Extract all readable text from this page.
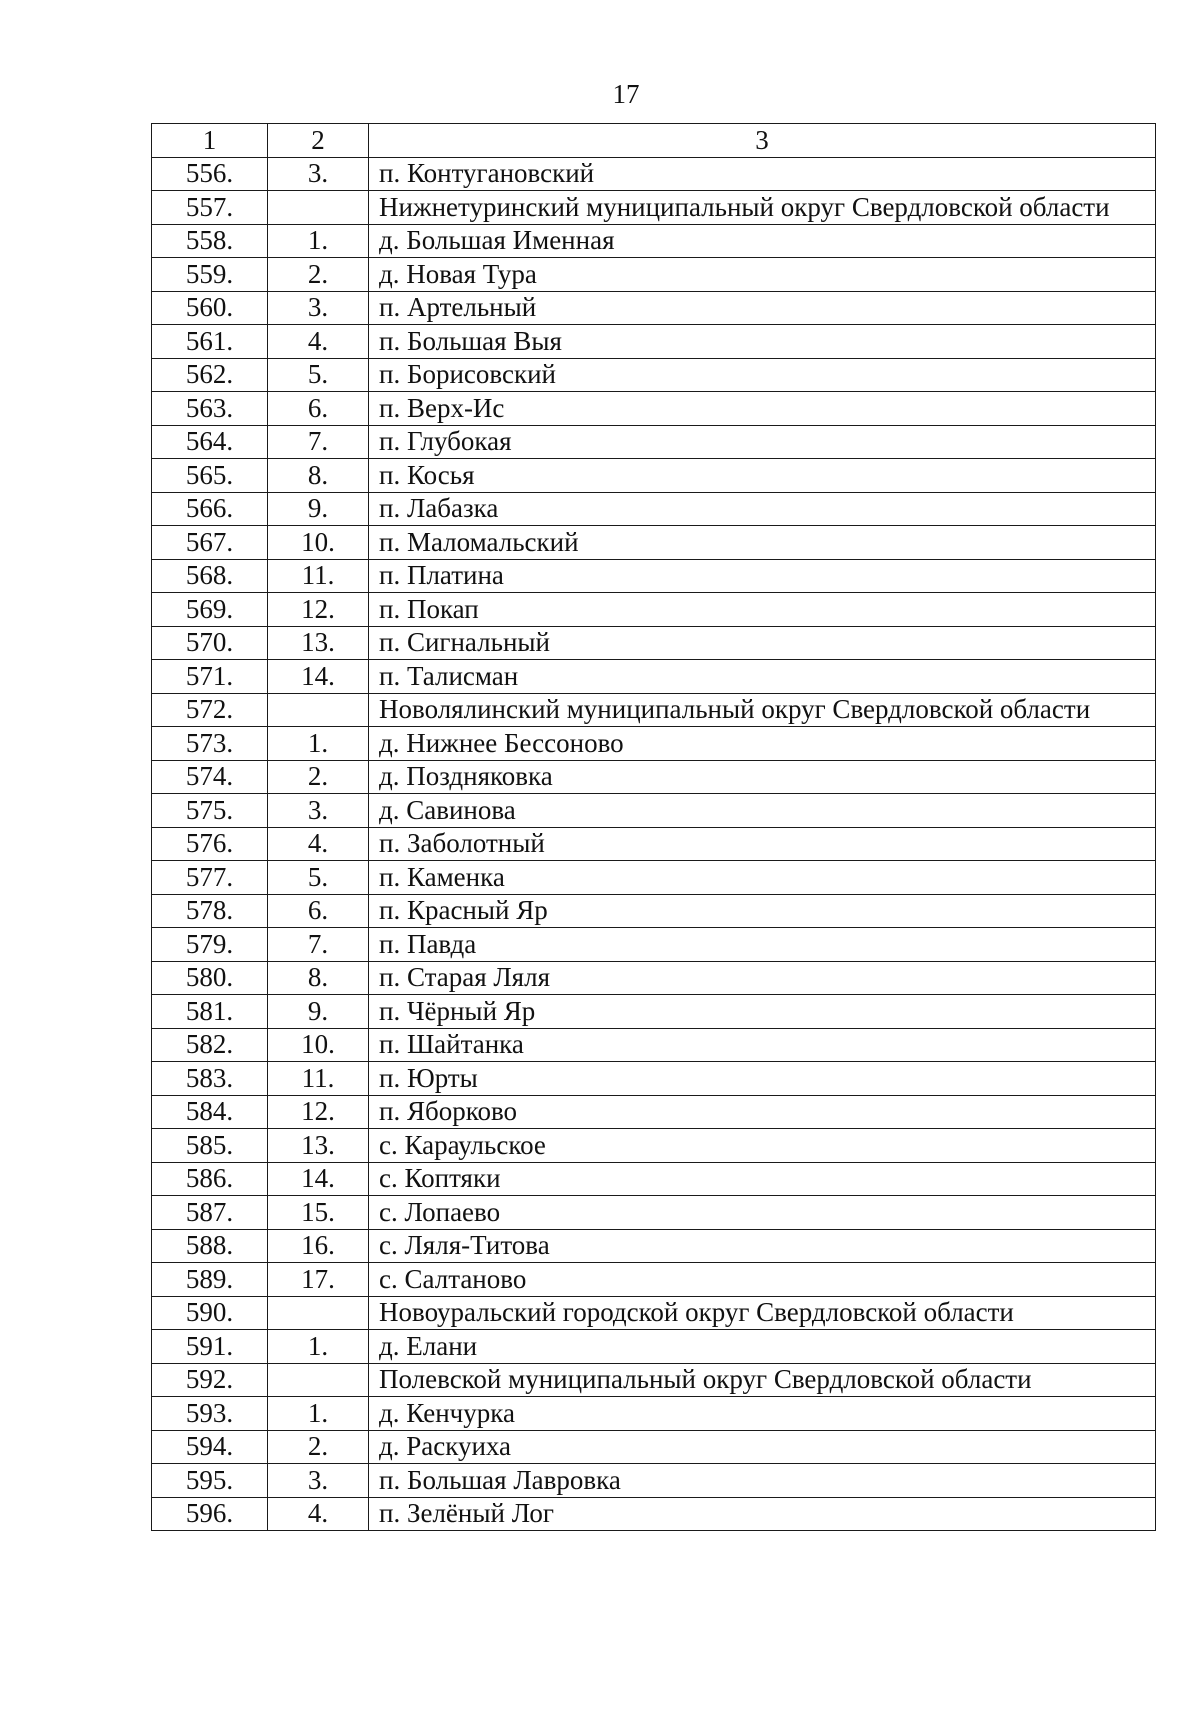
17
1	2	3
556.	3.	п. Контугановский
557.		Нижнетуринский муниципальный округ Свердловской области
558.	1.	д. Большая Именная
559.	2.	д. Новая Тура
560.	3.	п. Артельный
561.	4.	п. Большая Выя
562.	5.	п. Борисовский
563.	6.	п. Верх-Ис
564.	7.	п. Глубокая
565.	8.	п. Косья
566.	9.	п. Лабазка
567.	10.	п. Маломальский
568.	11.	п. Платина
569.	12.	п. Покап
570.	13.	п. Сигнальный
571.	14.	п. Талисман
572.		Новолялинский муниципальный округ Свердловской области
573.	1.	д. Нижнее Бессоново
574.	2.	д. Поздняковка
575.	3.	д. Савинова
576.	4.	п. Заболотный
577.	5.	п. Каменка
578.	6.	п. Красный Яр
579.	7.	п. Павда
580.	8.	п. Старая Ляля
581.	9.	п. Чёрный Яр
582.	10.	п. Шайтанка
583.	11.	п. Юрты
584.	12.	п. Яборково
585.	13.	с. Караульское
586.	14.	с. Коптяки
587.	15.	с. Лопаево
588.	16.	с. Ляля-Титова
589.	17.	с. Салтаново
590.		Новоуральский городской округ Свердловской области
591.	1.	д. Елани
592.		Полевской муниципальный округ Свердловской области
593.	1.	д. Кенчурка
594.	2.	д. Раскуиха
595.	3.	п. Большая Лавровка
596.	4.	п. Зелёный Лог
